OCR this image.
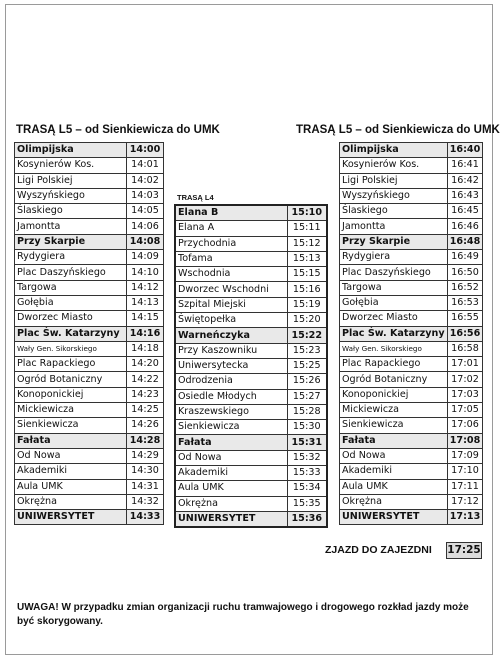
TRASĄ L5 – od Sienkiewicza do UMK	TRASĄ L5 – od Sienkiewicza do UMK
TRASĄ L4
Olimpijska	14:00
Kosynierów Kos.	14:01
Ligi Polskiej	14:02
Wyszyńskiego	14:03
Ślaskiego	14:05
Jamontta	14:06
Przy Skarpie	14:08
Rydygiera	14:09
Plac Daszyńskiego	14:10
Targowa	14:12
Gołębia	14:13
Dworzec Miasto	14:15
Plac Św. Katarzyny	14:16
Wały Gen. Sikorskiego	14:18
Plac Rapackiego	14:20
Ogród Botaniczny	14:22
Konoponickiej	14:23
Mickiewicza	14:25
Sienkiewicza	14:26
Fałata	14:28
Od Nowa	14:29
Akademiki	14:30
Aula UMK	14:31
Okrężna	14:32
UNIWERSYTET	14:33
Elana B	15:10
Elana A	15:11
Przychodnia	15:12
Tofama	15:13
Wschodnia	15:15
Dworzec Wschodni	15:16
Szpital Miejski	15:19
Świętopełka	15:20
Warneńczyka	15:22
Przy Kaszowniku	15:23
Uniwersytecka	15:25
Odrodzenia	15:26
Osiedle Młodych	15:27
Kraszewskiego	15:28
Sienkiewicza	15:30
Fałata	15:31
Od Nowa	15:32
Akademiki	15:33
Aula UMK	15:34
Okrężna	15:35
UNIWERSYTET	15:36
Olimpijska	16:40
Kosynierów Kos.	16:41
Ligi Polskiej	16:42
Wyszyńskiego	16:43
Ślaskiego	16:45
Jamontta	16:46
Przy Skarpie	16:48
Rydygiera	16:49
Plac Daszyńskiego	16:50
Targowa	16:52
Gołębia	16:53
Dworzec Miasto	16:55
Plac Św. Katarzyny	16:56
Wały Gen. Sikorskiego	16:58
Plac Rapackiego	17:01
Ogród Botaniczny	17:02
Konoponickiej	17:03
Mickiewicza	17:05
Sienkiewicza	17:06
Fałata	17:08
Od Nowa	17:09
Akademiki	17:10
Aula UMK	17:11
Okrężna	17:12
UNIWERSYTET	17:13
ZJAZD DO ZAJEZDNI 17:25
UWAGA! W przypadku zmian organizacji ruchu tramwajowego i drogowego rozkład jazdy może być skorygowany.
